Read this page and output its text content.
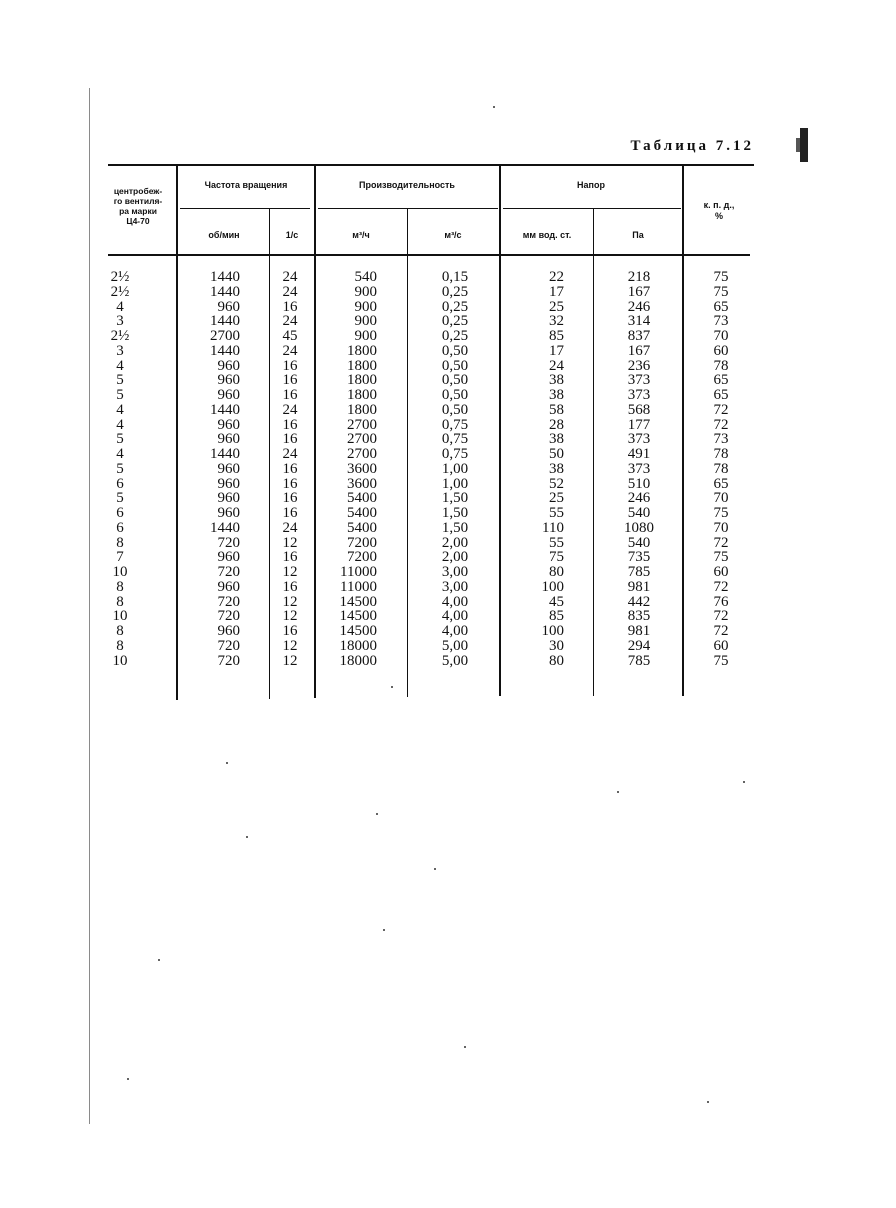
Таблица 7.12
центробеж-
го вентиля-
ра марки
Ц4-70
Частота вращения
об/мин	1/с
Производительность
м³/ч	м³/с
Напор
мм вод. ст.	Па
к. п. д.,
%
2½	1440	24	540	0,15	22	218	75
2½	1440	24	900	0,25	17	167	75
4	960	16	900	0,25	25	246	65
3	1440	24	900	0,25	32	314	73
2½	2700	45	900	0,25	85	837	70
3	1440	24	1800	0,50	17	167	60
4	960	16	1800	0,50	24	236	78
5	960	16	1800	0,50	38	373	65
5	960	16	1800	0,50	38	373	65
4	1440	24	1800	0,50	58	568	72
4	960	16	2700	0,75	28	177	72
5	960	16	2700	0,75	38	373	73
4	1440	24	2700	0,75	50	491	78
5	960	16	3600	1,00	38	373	78
6	960	16	3600	1,00	52	510	65
5	960	16	5400	1,50	25	246	70
6	960	16	5400	1,50	55	540	75
6	1440	24	5400	1,50	110	1080	70
8	720	12	7200	2,00	55	540	72
7	960	16	7200	2,00	75	735	75
10	720	12	11000	3,00	80	785	60
8	960	16	11000	3,00	100	981	72
8	720	12	14500	4,00	45	442	76
10	720	12	14500	4,00	85	835	72
8	960	16	14500	4,00	100	981	72
8	720	12	18000	5,00	30	294	60
10	720	12	18000	5,00	80	785	75
